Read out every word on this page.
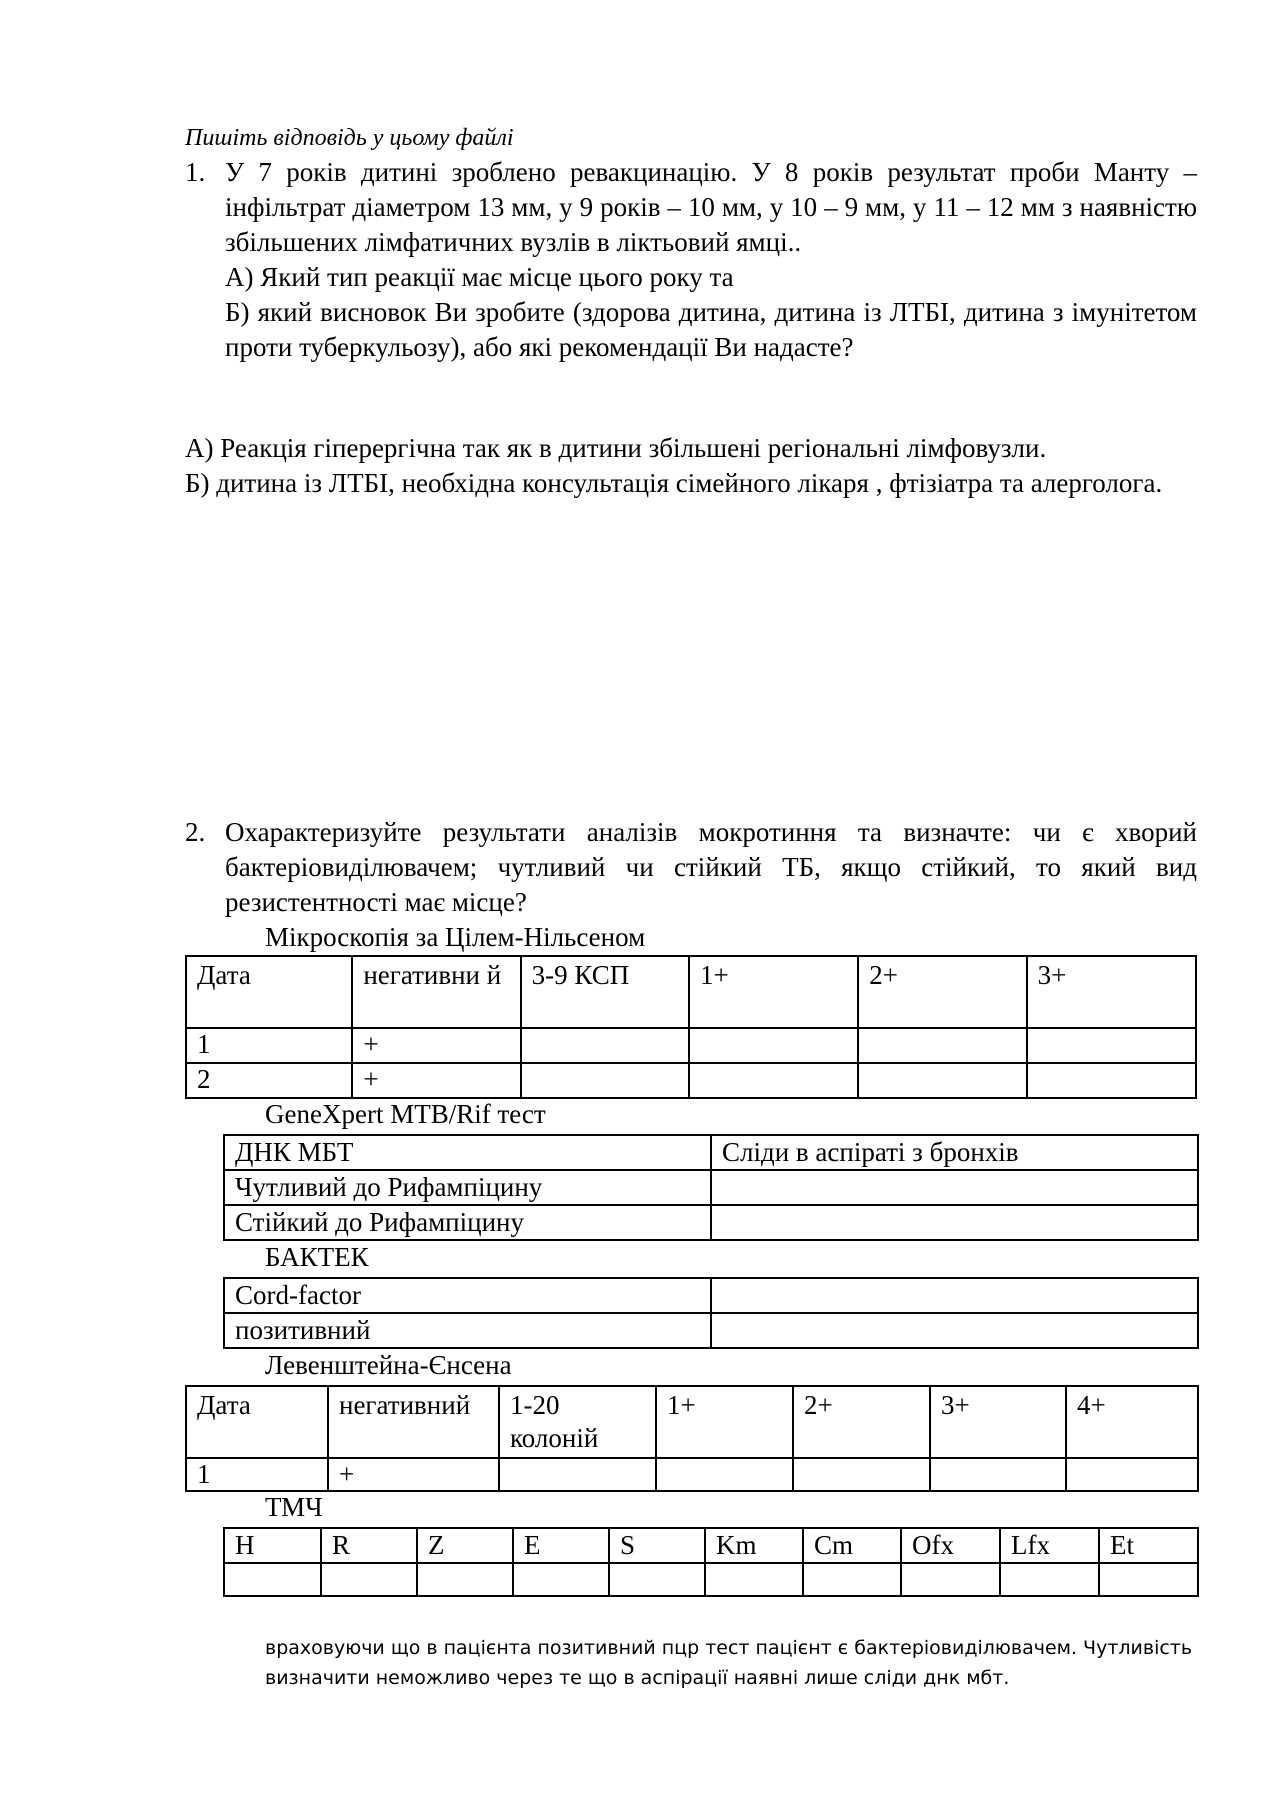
Пишіть відповідь у цьому файлі
1. У 7 років дитині зроблено ревакцинацію. У 8 років результат проби Манту – інфільтрат діаметром 13 мм, у 9 років – 10 мм, у 10 – 9 мм, у 11 – 12 мм з наявністю збільшених лімфатичних вузлів в ліктьовий ямці..
А) Який тип реакції має місце цього року та
Б) який висновок Ви зробите (здорова дитина, дитина із ЛТБІ, дитина з імунітетом проти туберкульозу), або які рекомендації Ви надасте?
А) Реакція гіперергічна так як в дитини збільшені регіональні лімфовузли.
Б) дитина із ЛТБІ, необхідна консультація сімейного лікаря , фтізіатра та алерголога.
2. Охарактеризуйте результати аналізів мокротиння та визначте: чи є хворий бактеріовиділювачем; чутливий чи стійкий ТБ, якщо стійкий, то який вид резистентності має місце?
Мікроскопія за Цілем-Нільсеном
Дата	негативни й	3-9 КСП	1+	2+	3+
1	+				
2	+				
GeneXpert MTB/Rif тест
ДНК МБТ	Сліди в аспіраті з бронхів
Чутливий до Рифампіцину	
Стійкий до Рифампіцину	
БАКТЕК
Cord-factor	
позитивний	
Левенштейна-Єнсена
Дата	негативний	1-20 колоній	1+	2+	3+	4+
1	+					
ТМЧ
H	R	Z	E	S	Km	Cm	Ofx	Lfx	Et

враховуючи що в пацієнта позитивний пцр тест пацієнт є бактеріовиділювачем. Чутливість визначити неможливо через те що в аспірації наявні лише сліди днк мбт.
